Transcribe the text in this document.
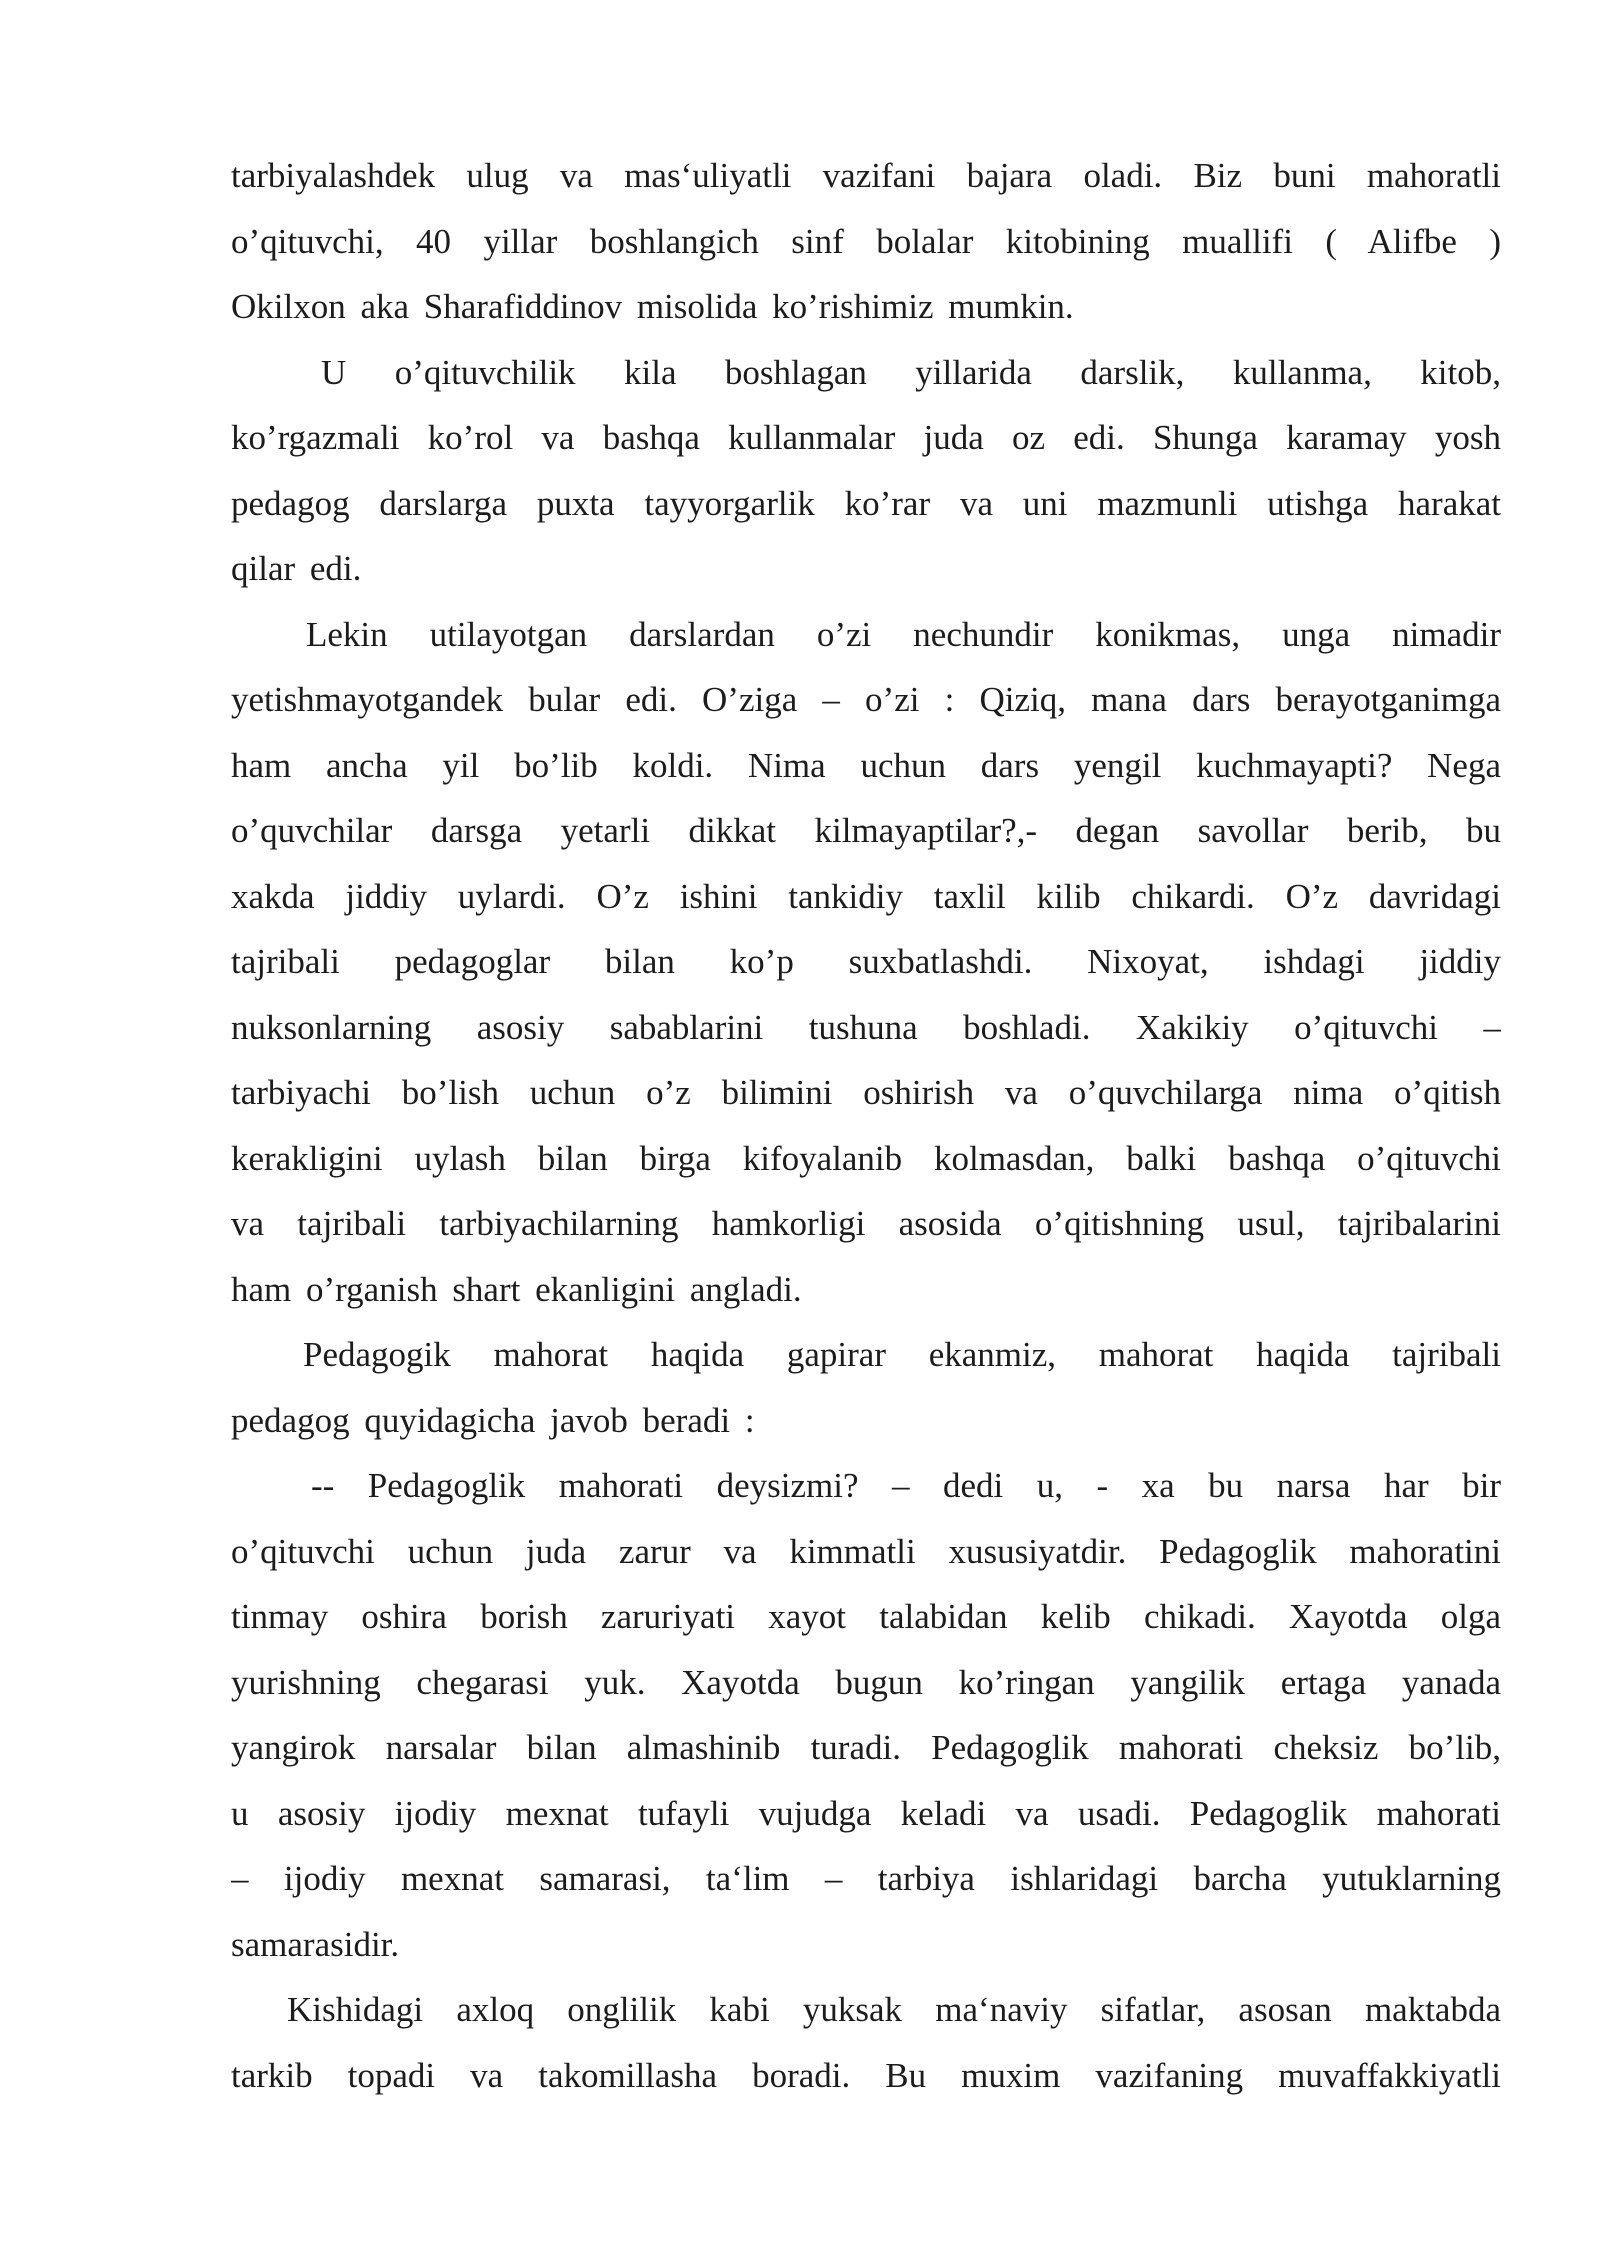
tarbiyalashdek ulug va mas‘uliyatli vazifani bajara oladi. Biz buni mahoratli
o’qituvchi, 40 yillar boshlangich sinf bolalar kitobining muallifi ( Alifbe )
Okilxon aka Sharafiddinov misolida ko’rishimiz mumkin.

U o’qituvchilik kila boshlagan yillarida darslik, kullanma, kitob,
ko’rgazmali ko’rol va bashqa kullanmalar juda oz edi. Shunga karamay yosh
pedagog darslarga puxta tayyorgarlik ko’rar va uni mazmunli utishga harakat
qilar edi.

Lekin utilayotgan darslardan o’zi nechundir konikmas, unga nimadir
yetishmayotgandek bular edi. O’ziga – o’zi : Qiziq, mana dars berayotganimga
ham ancha yil bo’lib koldi. Nima uchun dars yengil kuchmayapti? Nega
o’quvchilar darsga yetarli dikkat kilmayaptilar?,- degan savollar berib, bu
xakda jiddiy uylardi. O’z ishini tankidiy taxlil kilib chikardi. O’z davridagi
tajribali pedagoglar bilan ko’p suxbatlashdi. Nixoyat, ishdagi jiddiy
nuksonlarning asosiy sabablarini tushuna boshladi. Xakikiy o’qituvchi –
tarbiyachi bo’lish uchun o’z bilimini oshirish va o’quvchilarga nima o’qitish
kerakligini uylash bilan birga kifoyalanib kolmasdan, balki bashqa o’qituvchi
va tajribali tarbiyachilarning hamkorligi asosida o’qitishning usul, tajribalarini
ham o’rganish shart ekanligini angladi.

Pedagogik mahorat haqida gapirar ekanmiz, mahorat haqida tajribali
pedagog quyidagicha javob beradi :

-- Pedagoglik mahorati deysizmi? – dedi u, - xa bu narsa har bir
o’qituvchi uchun juda zarur va kimmatli xususiyatdir. Pedagoglik mahoratini
tinmay oshira borish zaruriyati xayot talabidan kelib chikadi. Xayotda olga
yurishning chegarasi yuk. Xayotda bugun ko’ringan yangilik ertaga yanada
yangirok narsalar bilan almashinib turadi. Pedagoglik mahorati cheksiz bo’lib,
u asosiy ijodiy mexnat tufayli vujudga keladi va usadi. Pedagoglik mahorati
– ijodiy mexnat samarasi, ta‘lim – tarbiya ishlaridagi barcha yutuklarning
samarasidir.

Kishidagi axloq onglilik kabi yuksak ma‘naviy sifatlar, asosan maktabda
tarkib topadi va takomillasha boradi. Bu muxim vazifaning muvaffakkiyatli
